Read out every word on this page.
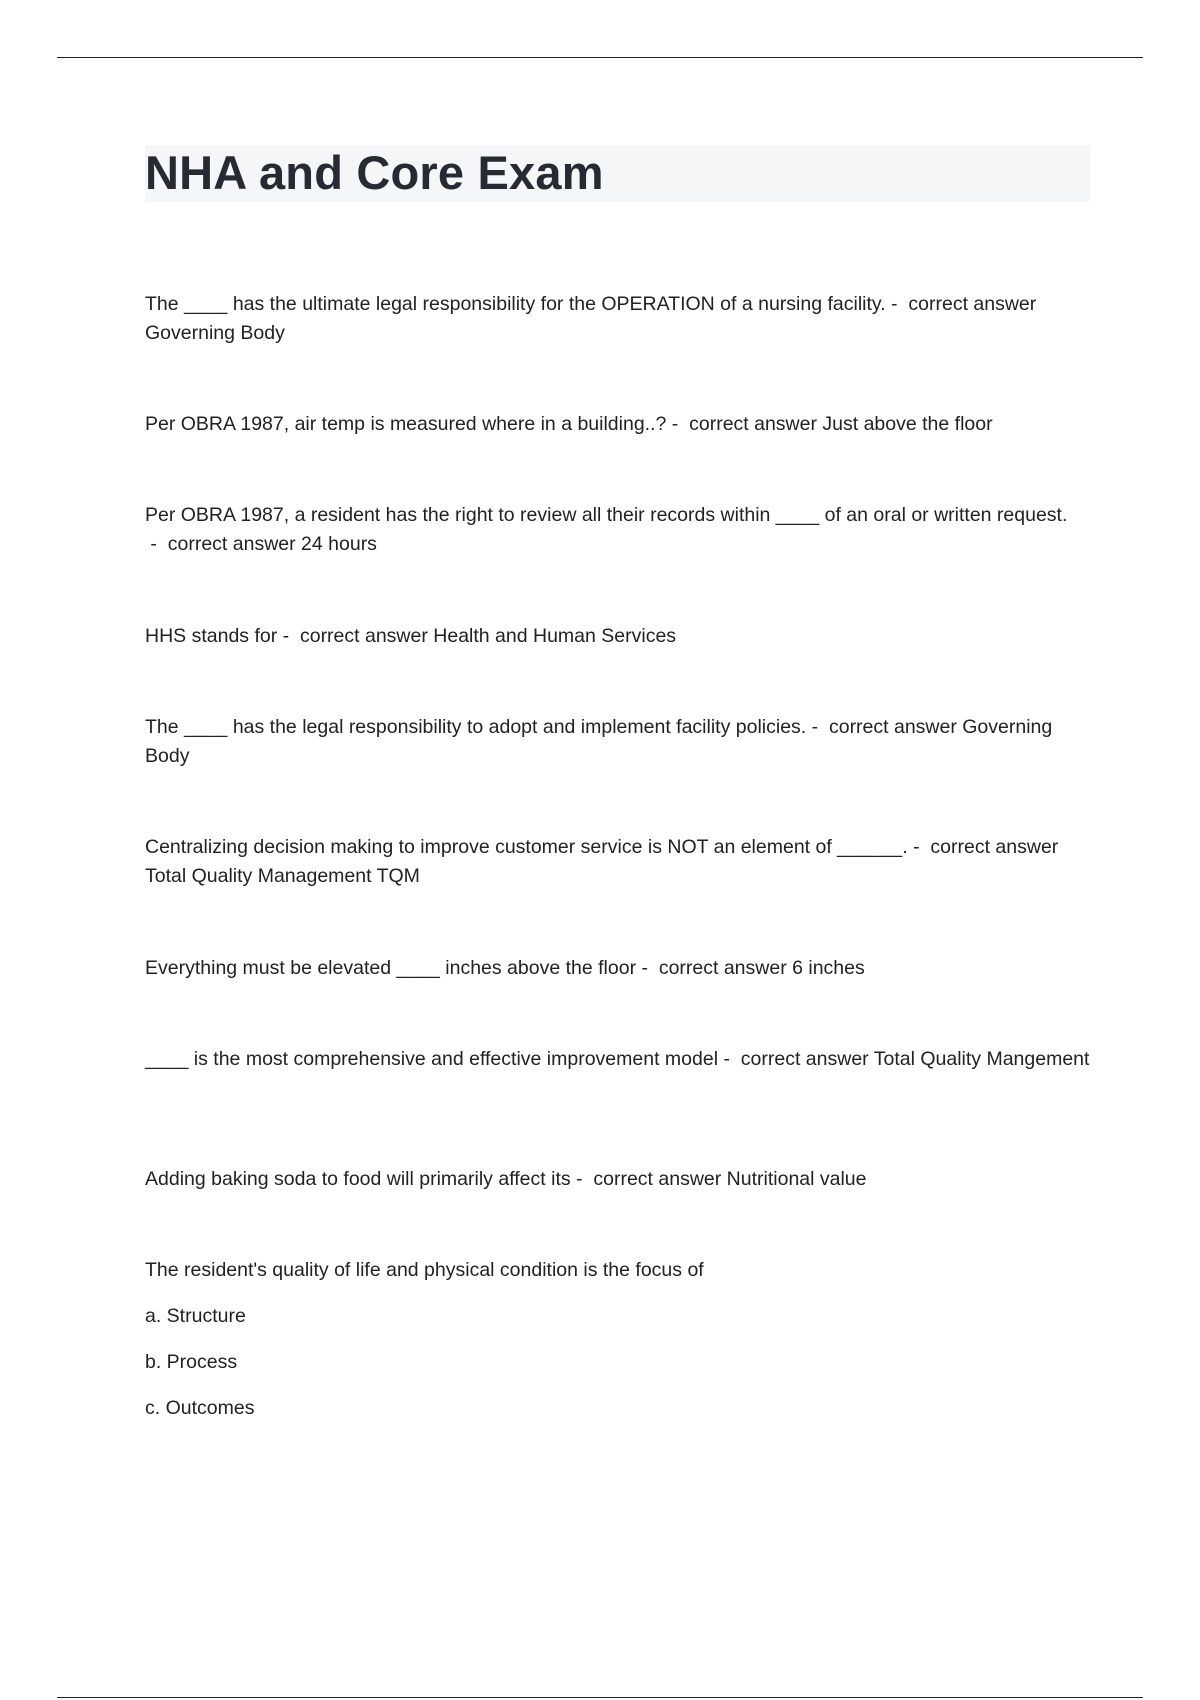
NHA and Core Exam

The ____ has the ultimate legal responsibility for the OPERATION of a nursing facility. -  correct answer Governing Body

Per OBRA 1987, air temp is measured where in a building..? -  correct answer Just above the floor

Per OBRA 1987, a resident has the right to review all their records within ____ of an oral or written request. -  correct answer 24 hours

HHS stands for -  correct answer Health and Human Services

The ____ has the legal responsibility to adopt and implement facility policies. -  correct answer Governing Body

Centralizing decision making to improve customer service is NOT an element of ______. -  correct answer Total Quality Management TQM

Everything must be elevated ____ inches above the floor -  correct answer 6 inches

____ is the most comprehensive and effective improvement model -  correct answer Total Quality Mangement

Adding baking soda to food will primarily affect its -  correct answer Nutritional value

The resident's quality of life and physical condition is the focus of

a. Structure

b. Process

c. Outcomes
